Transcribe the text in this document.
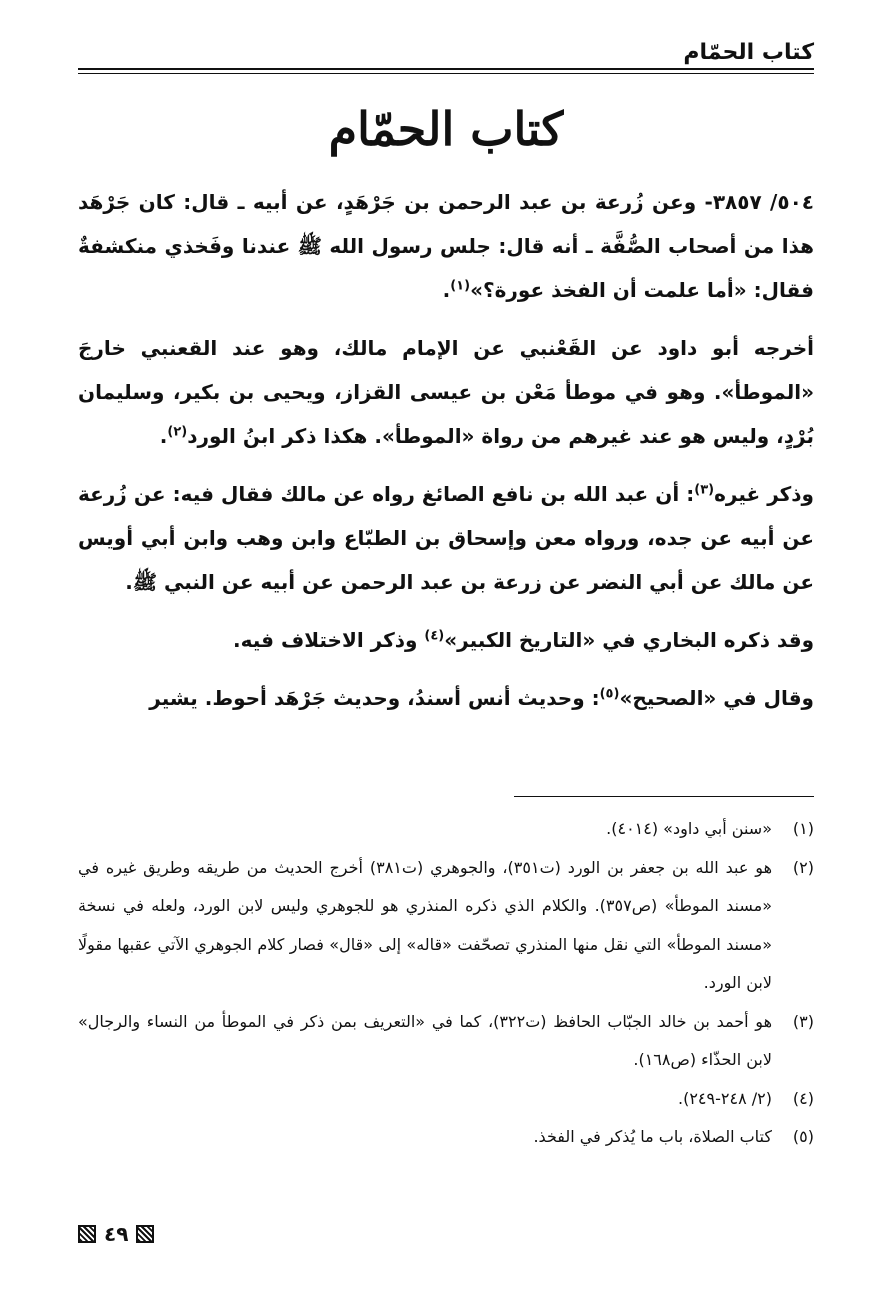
كتاب الحمّام
كتاب الحمّام

٥٠٤/ ٣٨٥٧- وعن زُرعة بن عبد الرحمن بن جَرْهَدٍ، عن أبيه ـ قال: كان جَرْهَد هذا من أصحاب الصُّفَّة ـ أنه قال: جلس رسول الله ﷺ عندنا وفَخذي منكشفةٌ فقال: «أما علمت أن الفخذ عورة؟»$^{(١)}$.

أخرجه أبو داود عن القَعْنبي عن الإمام مالك، وهو عند القعنبي خارجَ «الموطأ». وهو في موطأ مَعْن بن عيسى القزاز، ويحيى بن بكير، وسليمان بُرْدٍ، وليس هو عند غيرهم من رواة «الموطأ». هكذا ذكر ابنُ الورد$^{(٢)}$.

وذكر غيره$^{(٣)}$: أن عبد الله بن نافع الصائغ رواه عن مالك فقال فيه: عن زُرعة عن أبيه عن جده، ورواه معن وإسحاق بن الطبّاع وابن وهب وابن أبي أويس عن مالك عن أبي النضر عن زرعة بن عبد الرحمن عن أبيه عن النبي ﷺ.

وقد ذكره البخاري في «التاريخ الكبير»$^{(٤)}$ وذكر الاختلاف فيه.

وقال في «الصحيح»$^{(٥)}$: وحديث أنس أسندُ، وحديث جَرْهَد أحوط. يشير

(١)
«سنن أبي داود» (٤٠١٤).
(٢)
هو عبد الله بن جعفر بن الورد (ت٣٥١)، والجوهري (ت٣٨١) أخرج الحديث من طريقه وطريق غيره في «مسند الموطأ» (ص٣٥٧). والكلام الذي ذكره المنذري هو للجوهري وليس لابن الورد، ولعله في نسخة «مسند الموطأ» التي نقل منها المنذري تصحّفت «قاله» إلى «قال» فصار كلام الجوهري الآتي عقبها مقولًا لابن الورد.
(٣)
هو أحمد بن خالد الجبّاب الحافظ (ت٣٢٢)، كما في «التعريف بمن ذكر في الموطأ من النساء والرجال» لابن الحذّاء (ص١٦٨).
(٤)
(٢/ ٢٤٨-٢٤٩).
(٥)
كتاب الصلاة، باب ما يُذكر في الفخذ.
٤٩
